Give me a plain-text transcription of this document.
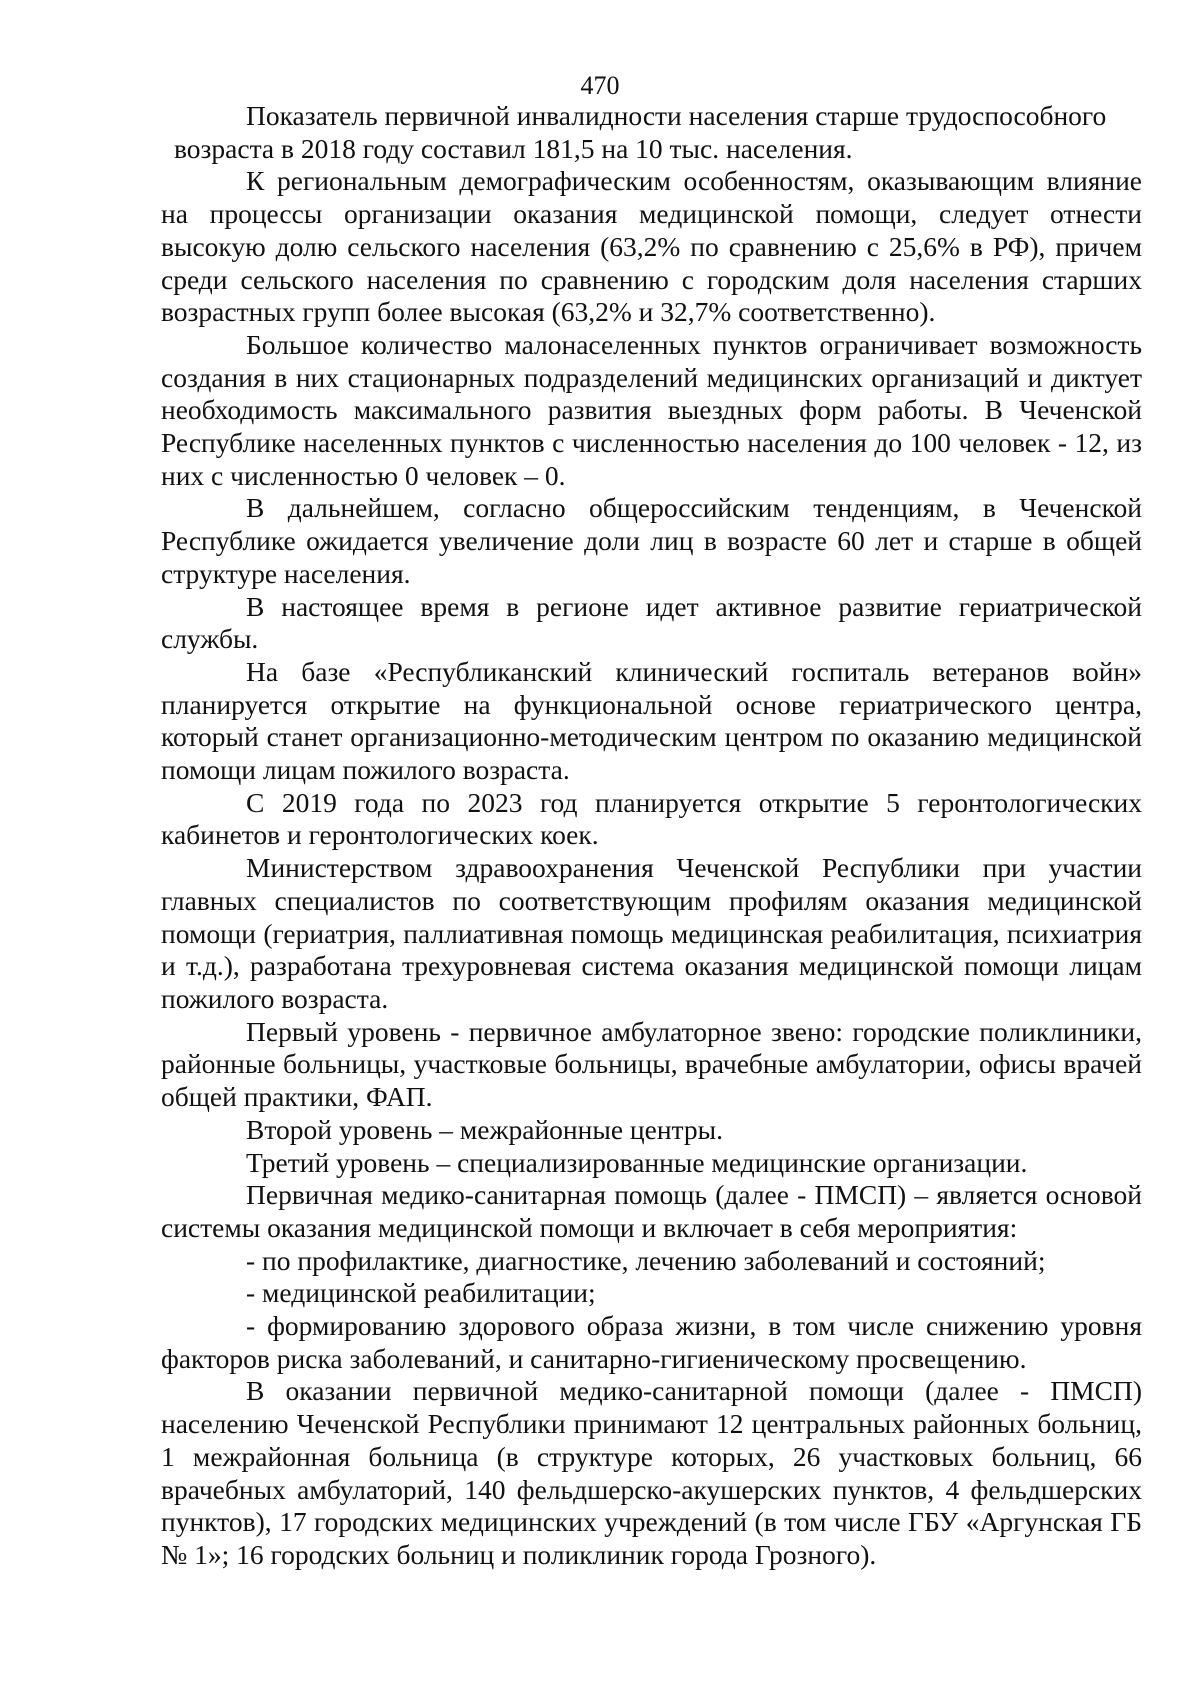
470

Показатель первичной инвалидности населения старше трудоспособного
возраста в 2018 году составил 181,5 на 10 тыс. населения.

К региональным демографическим особенностям, оказывающим влияние на процессы организации оказания медицинской помощи, следует отнести высокую долю сельского населения (63,2% по сравнению с 25,6% в РФ), причем среди сельского населения по сравнению с городским доля населения старших возрастных групп более высокая (63,2% и 32,7% соответственно).

Большое количество малонаселенных пунктов ограничивает возможность создания в них стационарных подразделений медицинских организаций и диктует необходимость максимального развития выездных форм работы. В Чеченской Республике населенных пунктов с численностью населения до 100 человек - 12, из них с численностью 0 человек – 0.

В дальнейшем, согласно общероссийским тенденциям, в Чеченской Республике ожидается увеличение доли лиц в возрасте 60 лет и старше в общей структуре населения.

В настоящее время в регионе идет активное развитие гериатрической службы.

На базе «Республиканский клинический госпиталь ветеранов войн» планируется открытие на функциональной основе гериатрического центра, который станет организационно-методическим центром по оказанию медицинской помощи лицам пожилого возраста.

С 2019 года по 2023 год планируется открытие 5 геронтологических кабинетов и геронтологических коек.

Министерством здравоохранения Чеченской Республики при участии главных специалистов по соответствующим профилям оказания медицинской помощи (гериатрия, паллиативная помощь медицинская реабилитация, психиатрия и т.д.), разработана трехуровневая система оказания медицинской помощи лицам пожилого возраста.

Первый уровень - первичное амбулаторное звено: городские поликлиники, районные больницы, участковые больницы, врачебные амбулатории, офисы врачей общей практики, ФАП.

Второй уровень – межрайонные центры.

Третий уровень – специализированные медицинские организации.

Первичная медико-санитарная помощь (далее - ПМСП) – является основой системы оказания медицинской помощи и включает в себя мероприятия:

- по профилактике, диагностике, лечению заболеваний и состояний;

- медицинской реабилитации;

- формированию здорового образа жизни, в том числе снижению уровня факторов риска заболеваний, и санитарно-гигиеническому просвещению.

В оказании первичной медико-санитарной помощи (далее - ПМСП) населению Чеченской Республики принимают 12 центральных районных больниц, 1 межрайонная больница (в структуре которых, 26 участковых больниц, 66 врачебных амбулаторий, 140 фельдшерско-акушерских пунктов, 4 фельдшерских пунктов), 17 городских медицинских учреждений (в том числе ГБУ «Аргунская ГБ № 1»; 16 городских больниц и поликлиник города Грозного).
